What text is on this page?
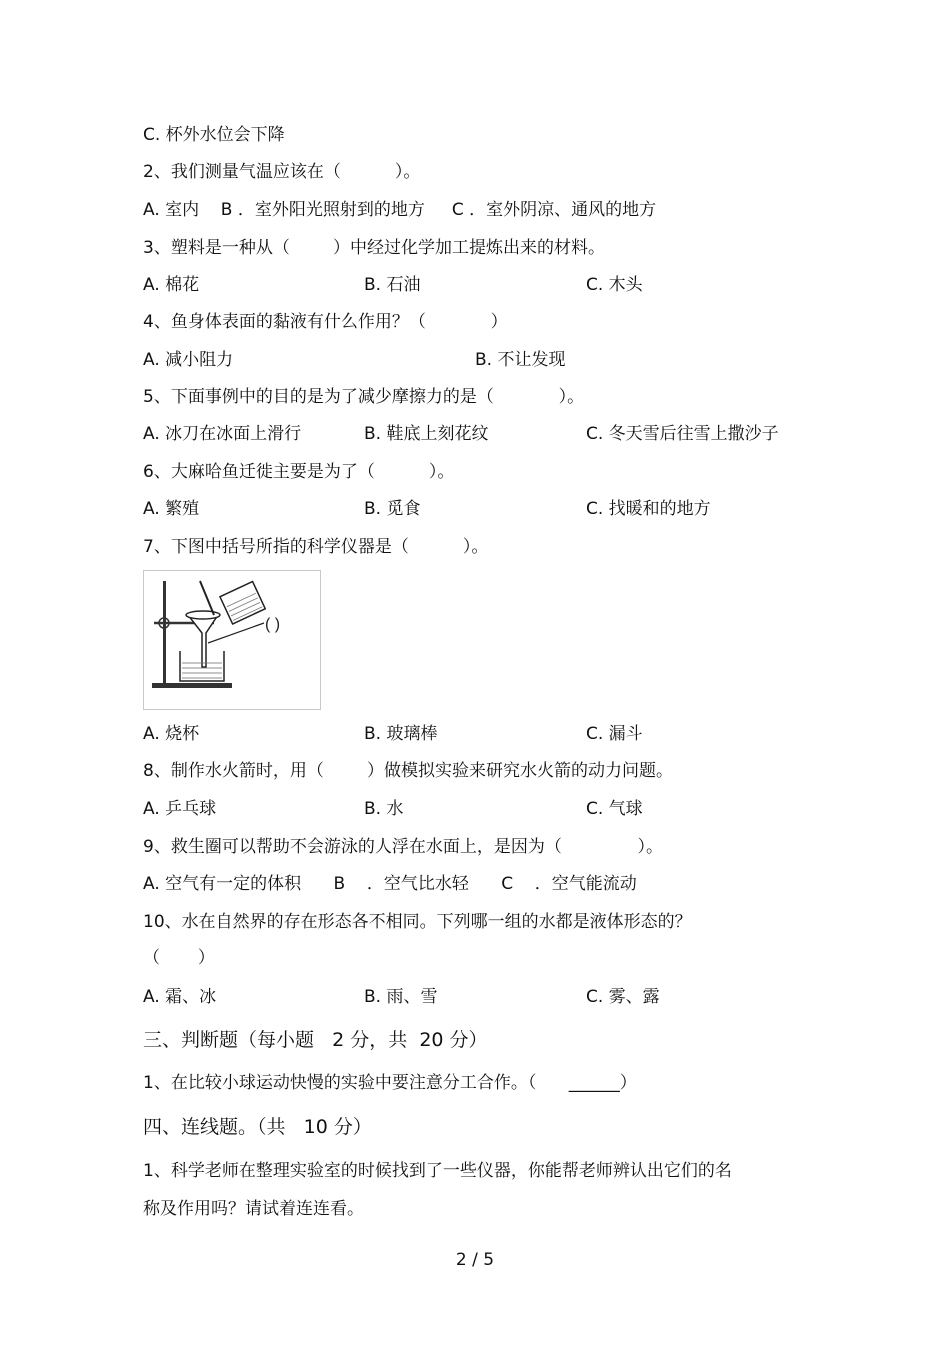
C. 杯外水位会下降
2、我们测量气温应该在（          ）。
A. 室内    B ．室外阳光照射到的地方     C ．室外阴凉、通风的地方
3、塑料是一种从（        ）中经过化学加工提炼出来的材料。
A. 棉花	B. 石油	C. 木头
4、鱼身体表面的黏液有什么作用？（            ）
A. 减小阻力	B. 不让发现
5、下面事例中的目的是为了减少摩擦力的是（            ）。
A. 冰刀在冰面上滑行	B. 鞋底上刻花纹	C. 冬天雪后往雪上撒沙子
6、大麻哈鱼迁徙主要是为了（          ）。
A. 繁殖	B. 觅食	C. 找暖和的地方
7、下图中括号所指的科学仪器是（          ）。
( )
A. 烧杯	B. 玻璃棒	C. 漏斗
8、制作水火箭时，用（        ）做模拟实验来研究水火箭的动力问题。
A. 乒乓球	B. 水	C. 气球
9、救生圈可以帮助不会游泳的人浮在水面上，是因为（              ）。
A. 空气有一定的体积      B    ．空气比水轻      C    ．空气能流动
10、水在自然界的存在形态各不相同。下列哪一组的水都是液体形态的？
（       ）
A. 霜、冰	B. 雨、雪	C. 雾、露
三、判断题（每小题   2 分，共  20 分）
1、在比较小球运动快慢的实验中要注意分工合作。（      ______）
四、连线题。（共   10 分）
1、科学老师在整理实验室的时候找到了一些仪器，你能帮老师辨认出它们的名
称及作用吗？请试着连连看。
2 / 5
